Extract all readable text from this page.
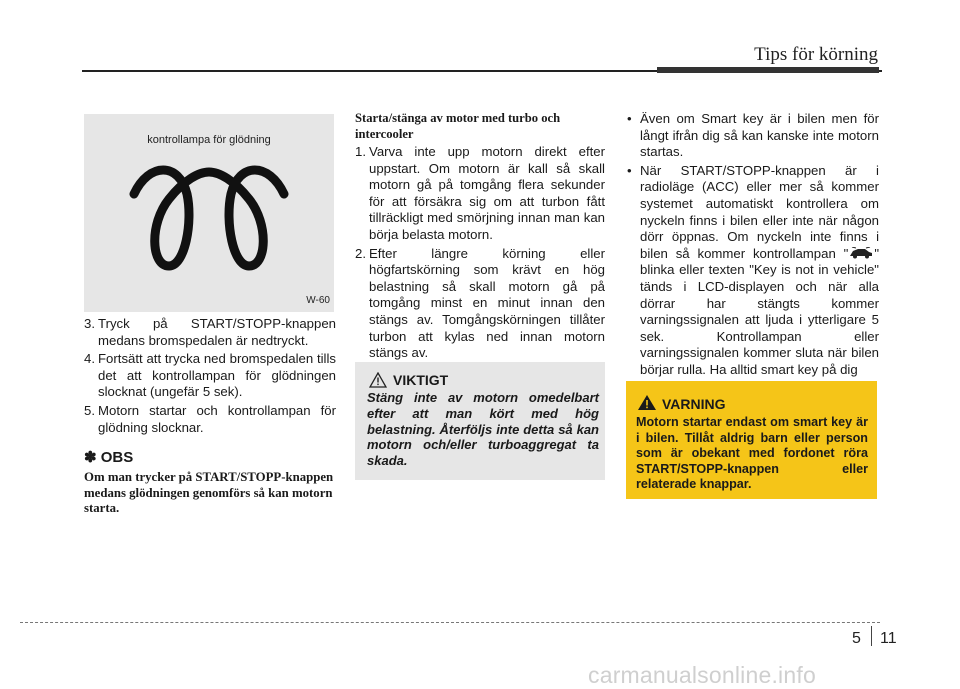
Tips för körning
kontrollampa för glödning
W-60
3. Tryck på START/STOPP-knappen medans bromspedalen är nedtryckt.
4. Fortsätt att trycka ned bromspedalen tills det att kontrollampan för glödningen slocknat (ungefär 5 sek).
5. Motorn startar och kontrollampan för glödning slocknar.
✽ OBS
Om man trycker på START/STOPP-knappen medans glödningen genomförs så kan motorn starta.
Starta/stänga av motor med turbo och intercooler
1. Varva inte upp motorn direkt efter uppstart. Om motorn är kall så skall motorn gå på tomgång flera sekunder för att försäkra sig om att turbon fått tillräckligt med smörjning innan man kan börja belasta motorn.
2. Efter längre körning eller högfartskörning som krävt en hög belastning så skall motorn gå på tomgång minst en minut innan den stängs av. Tomgångskörningen tillåter turbon att kylas ned innan motorn stängs av.
VIKTIGT
Stäng inte av motorn omedelbart efter att man kört med hög belastning. Återföljs inte detta så kan motorn och/eller turboaggregat ta skada.
• Även om Smart key är i bilen men för långt ifrån dig så kan kanske inte motorn startas.
• När START/STOPP-knappen är i radioläge (ACC) eller mer så kommer systemet automatiskt kontrollera om nyckeln finns i bilen eller inte när någon dörr öppnas. Om nyckeln inte finns i bilen så kommer kontrollampan " " blinka eller texten "Key is not in vehicle" tänds i LCD-displayen och när alla dörrar har stängts kommer varningssignalen att ljuda i ytterligare 5 sek. Kontrollampan eller varningssignalen kommer sluta när bilen börjar rulla. Ha alltid smart key på dig
VARNING
Motorn startar endast om smart key är i bilen. Tillåt aldrig barn eller person som är obekant med fordonet röra START/STOPP-knappen eller relaterade knappar.
5 11
carmanualsonline.info
